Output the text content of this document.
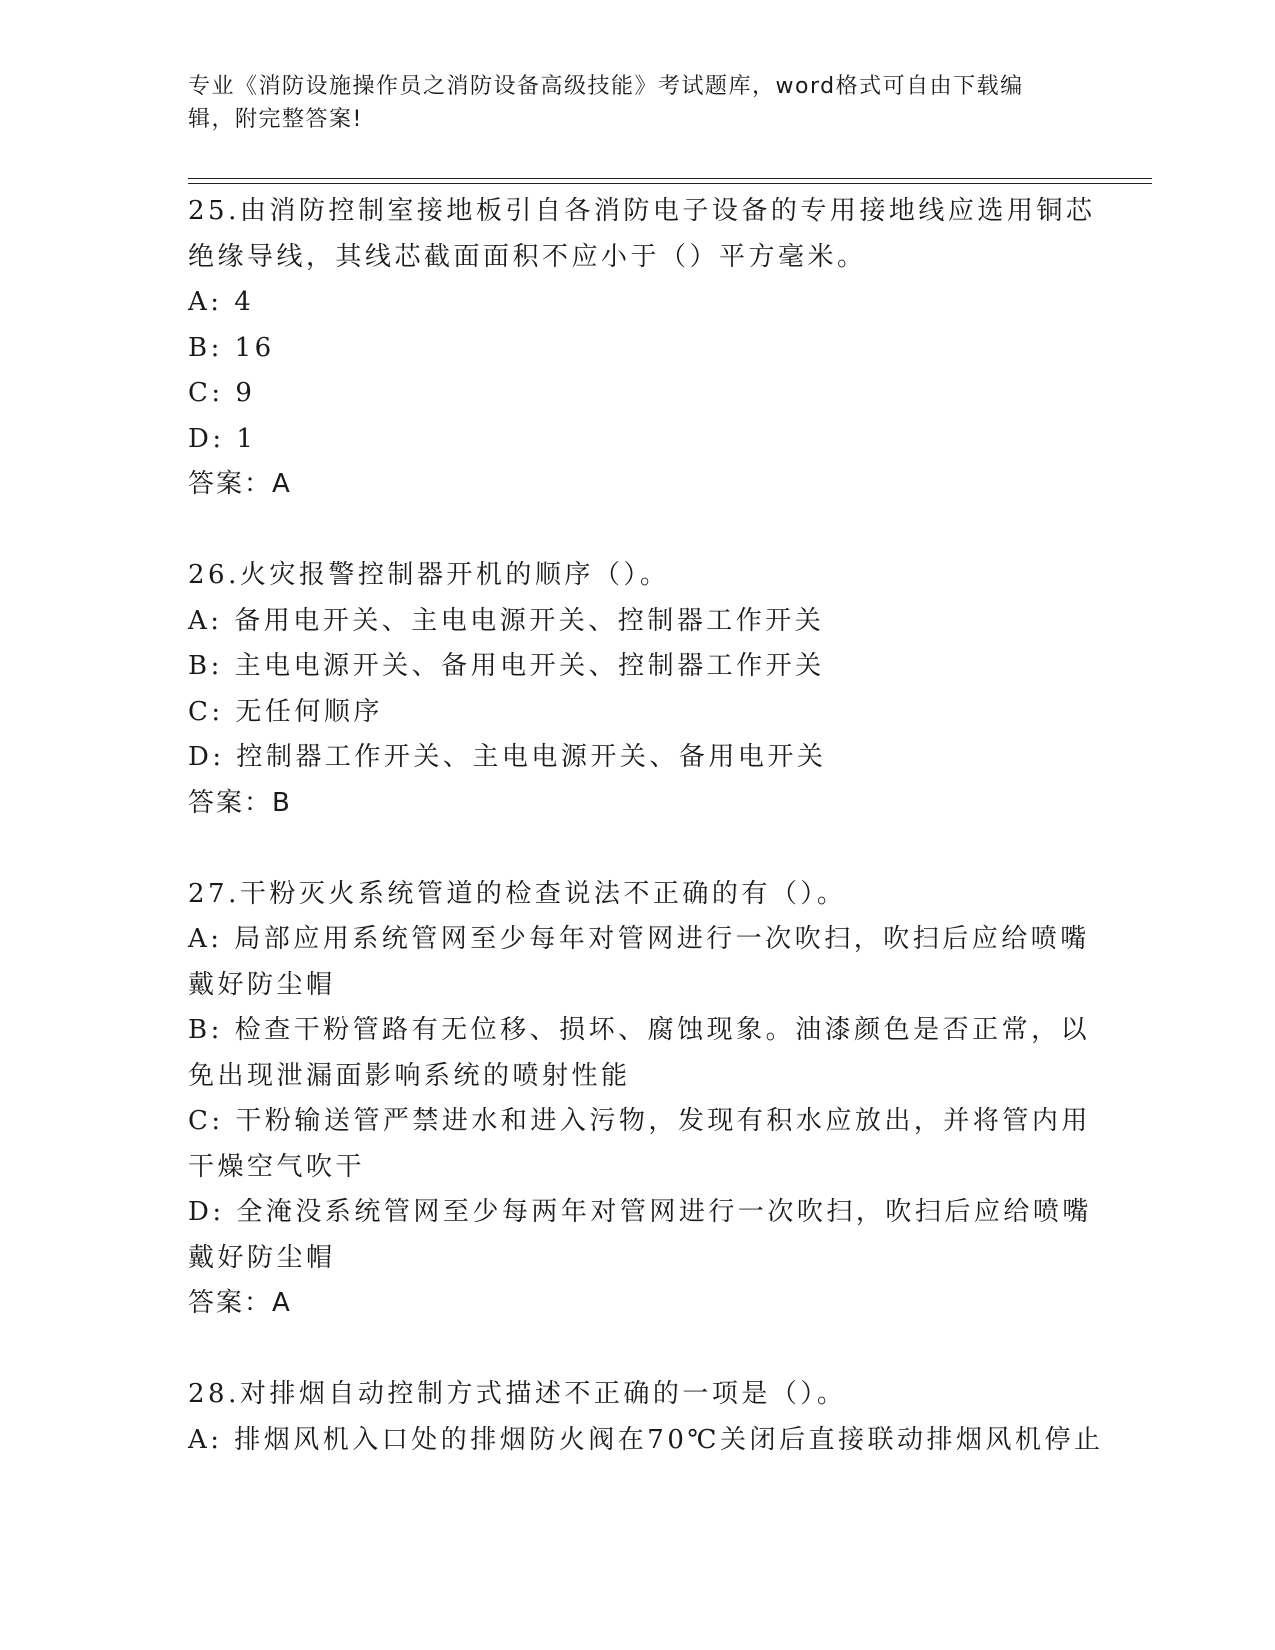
专业《消防设施操作员之消防设备高级技能》考试题库，word格式可自由下载编
辑，附完整答案!
25.由消防控制室接地板引自各消防电子设备的专用接地线应选用铜芯
绝缘导线，其线芯截面面积不应小于（）平方毫米。
A: 4
B: 16
C: 9
D: 1
答案：A
26.火灾报警控制器开机的顺序（）。
A: 备用电开关、主电电源开关、控制器工作开关
B: 主电电源开关、备用电开关、控制器工作开关
C: 无任何顺序
D: 控制器工作开关、主电电源开关、备用电开关
答案：B
27.干粉灭火系统管道的检查说法不正确的有（）。
A: 局部应用系统管网至少每年对管网进行一次吹扫，吹扫后应给喷嘴
戴好防尘帽
B: 检查干粉管路有无位移、损坏、腐蚀现象。油漆颜色是否正常，以
免出现泄漏面影响系统的喷射性能
C: 干粉输送管严禁进水和进入污物，发现有积水应放出，并将管内用
干燥空气吹干
D: 全淹没系统管网至少每两年对管网进行一次吹扫，吹扫后应给喷嘴
戴好防尘帽
答案：A
28.对排烟自动控制方式描述不正确的一项是（）。
A: 排烟风机入口处的排烟防火阀在70℃关闭后直接联动排烟风机停止
